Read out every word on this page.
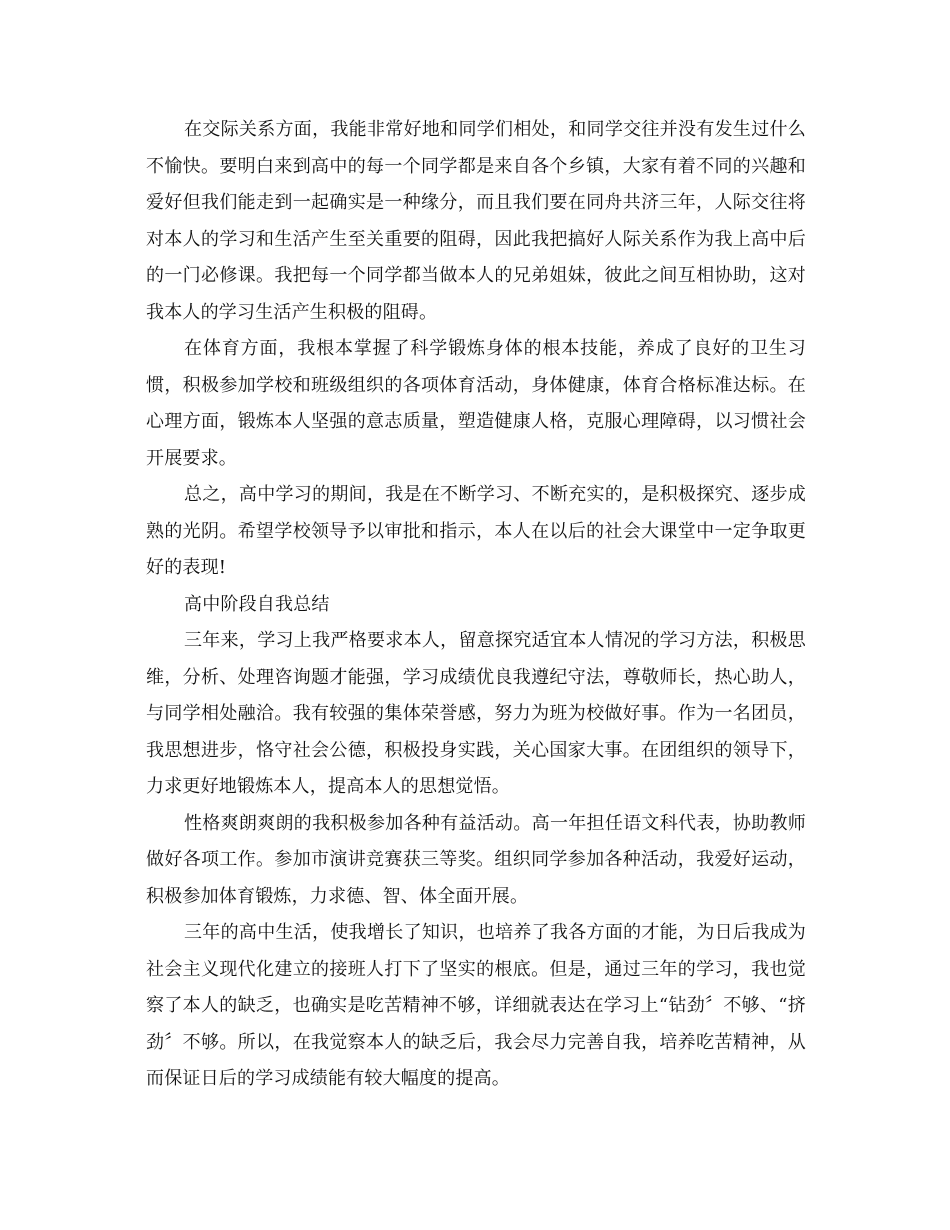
在交际关系方面，我能非常好地和同学们相处，和同学交往并没有发生过什么不愉快。要明白来到高中的每一个同学都是来自各个乡镇，大家有着不同的兴趣和爱好但我们能走到一起确实是一种缘分，而且我们要在同舟共济三年，人际交往将对本人的学习和生活产生至关重要的阻碍，因此我把搞好人际关系作为我上高中后的一门必修课。我把每一个同学都当做本人的兄弟姐妹，彼此之间互相协助，这对我本人的学习生活产生积极的阻碍。

在体育方面，我根本掌握了科学锻炼身体的根本技能，养成了良好的卫生习惯，积极参加学校和班级组织的各项体育活动，身体健康，体育合格标准达标。在心理方面，锻炼本人坚强的意志质量，塑造健康人格，克服心理障碍，以习惯社会开展要求。

总之，高中学习的期间，我是在不断学习、不断充实的，是积极探究、逐步成熟的光阴。希望学校领导予以审批和指示，本人在以后的社会大课堂中一定争取更好的表现!

高中阶段自我总结

三年来，学习上我严格要求本人，留意探究适宜本人情况的学习方法，积极思维，分析、处理咨询题才能强，学习成绩优良我遵纪守法，尊敬师长，热心助人，与同学相处融洽。我有较强的集体荣誉感，努力为班为校做好事。作为一名团员，我思想进步，恪守社会公德，积极投身实践，关心国家大事。在团组织的领导下，力求更好地锻炼本人，提高本人的思想觉悟。

性格爽朗爽朗的我积极参加各种有益活动。高一年担任语文科代表，协助教师做好各项工作。参加市演讲竞赛获三等奖。组织同学参加各种活动，我爱好运动，积极参加体育锻炼，力求德、智、体全面开展。

三年的高中生活，使我增长了知识，也培养了我各方面的才能，为日后我成为社会主义现代化建立的接班人打下了坚实的根底。但是，通过三年的学习，我也觉察了本人的缺乏，也确实是吃苦精神不够，详细就表达在学习上“钻劲〞不够、“挤劲〞不够。所以，在我觉察本人的缺乏后，我会尽力完善自我，培养吃苦精神，从而保证日后的学习成绩能有较大幅度的提高。
